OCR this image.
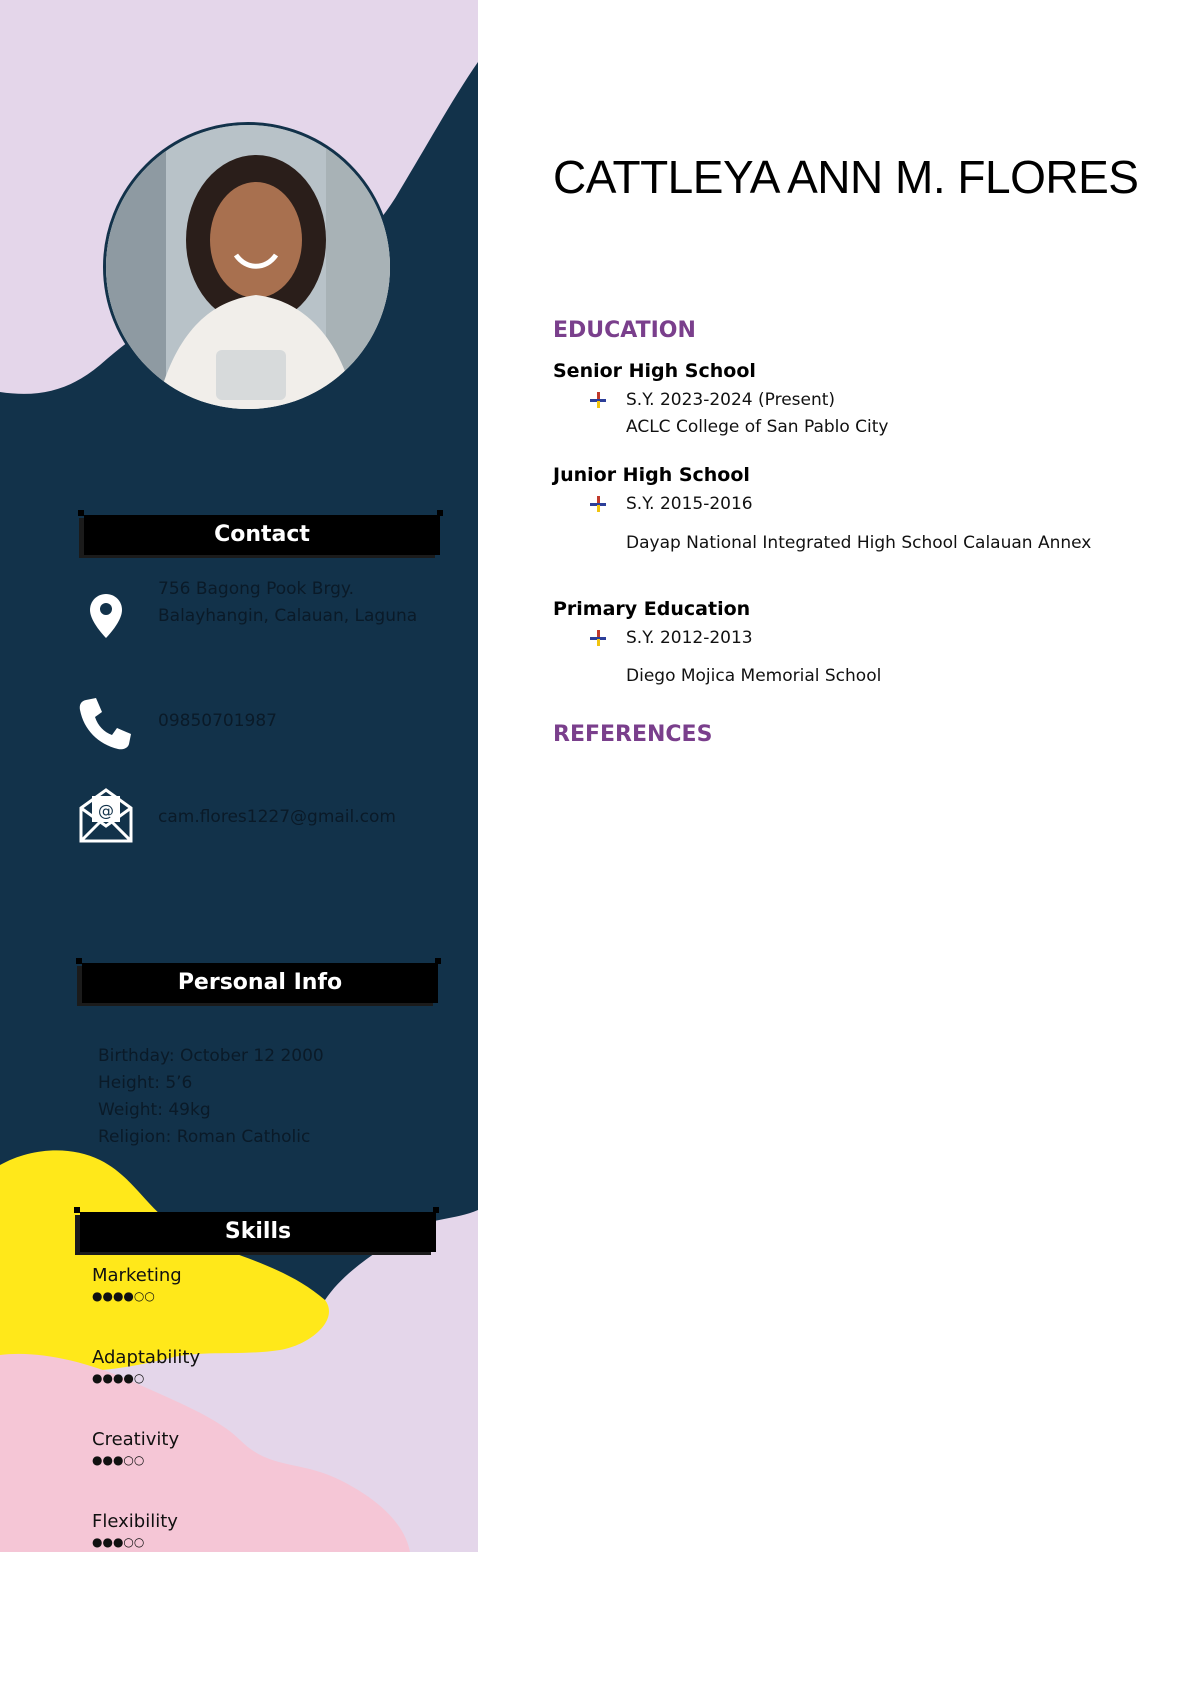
Contact
756 Bagong Pook Brgy. Balayhangin, Calauan, Laguna
09850701987
@	cam.flores1227@gmail.com
Personal Info
Birthday: October 12 2000
Height: 5’6
Weight: 49kg
Religion: Roman Catholic
Skills
Marketing
●●●●○○
Adaptability
●●●●○
Creativity
●●●○○
Flexibility
●●●○○
CATTLEYA ANN M. FLORES
EDUCATION
Senior High School
S.Y. 2023-2024 (Present)
ACLC College of San Pablo City
Junior High School
S.Y. 2015-2016
Dayap National Integrated High School Calauan Annex
Primary Education
S.Y. 2012-2013
Diego Mojica Memorial School
REFERENCES
